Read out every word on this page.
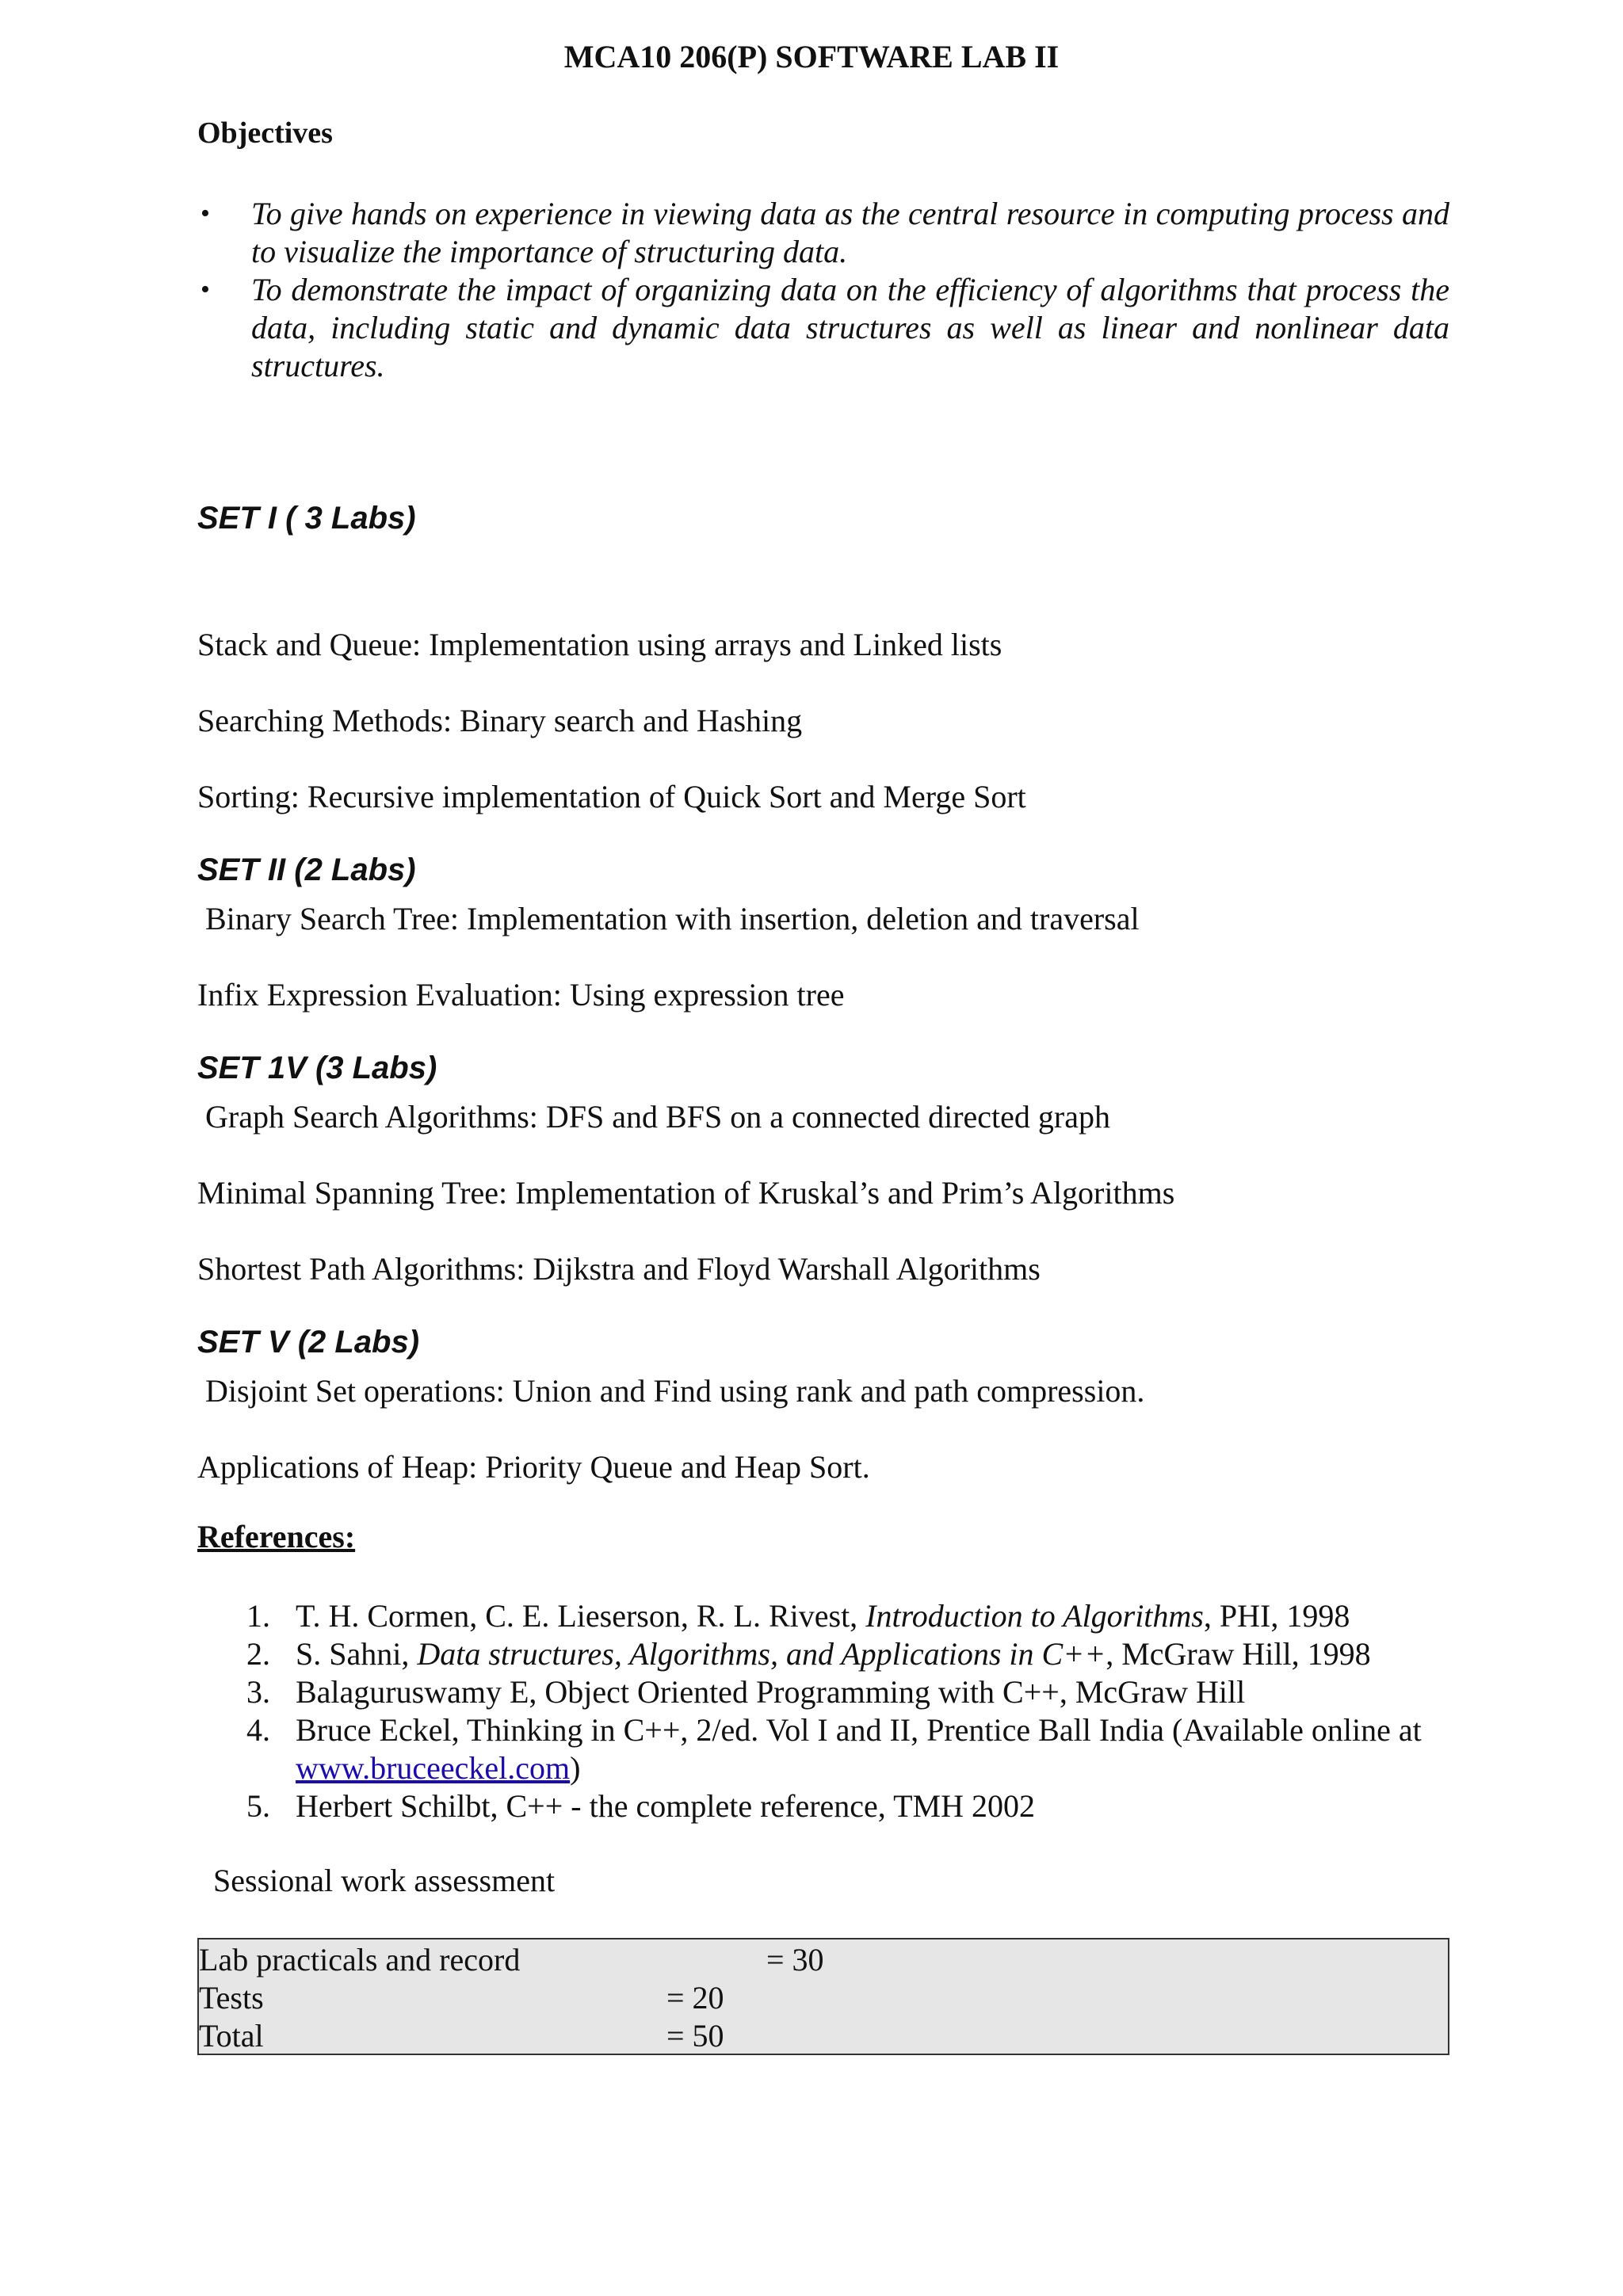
MCA10 206(P) SOFTWARE LAB II
Objectives
• To give hands on experience in viewing data as the central resource in computing process and to visualize the importance of structuring data.
• To demonstrate the impact of organizing data on the efficiency of algorithms that process the data, including static and dynamic data structures as well as linear and nonlinear data structures.
SET I ( 3 Labs)
Stack and Queue: Implementation using arrays and Linked lists
Searching Methods: Binary search and Hashing
Sorting: Recursive implementation of Quick Sort and Merge Sort
SET II (2 Labs)
Binary Search Tree: Implementation with insertion, deletion and traversal
Infix Expression Evaluation: Using expression tree
SET 1V (3 Labs)
Graph Search Algorithms: DFS and BFS on a connected directed graph
Minimal Spanning Tree: Implementation of Kruskal’s and Prim’s Algorithms
Shortest Path Algorithms: Dijkstra and Floyd Warshall Algorithms
SET V (2 Labs)
Disjoint Set operations: Union and Find using rank and path compression.
Applications of Heap: Priority Queue and Heap Sort.
References:
1. T. H. Cormen, C. E. Lieserson, R. L. Rivest, Introduction to Algorithms, PHI, 1998
2. S. Sahni, Data structures, Algorithms, and Applications in C++, McGraw Hill, 1998
3. Balaguruswamy E, Object Oriented Programming with C++, McGraw Hill
4. Bruce Eckel, Thinking in C++, 2/ed. Vol I and II, Prentice Ball India (Available online at www.bruceeckel.com)
5. Herbert Schilbt, C++ - the complete reference, TMH 2002
Sessional work assessment
Lab practicals and record	= 30
Tests	= 20
Total	= 50
